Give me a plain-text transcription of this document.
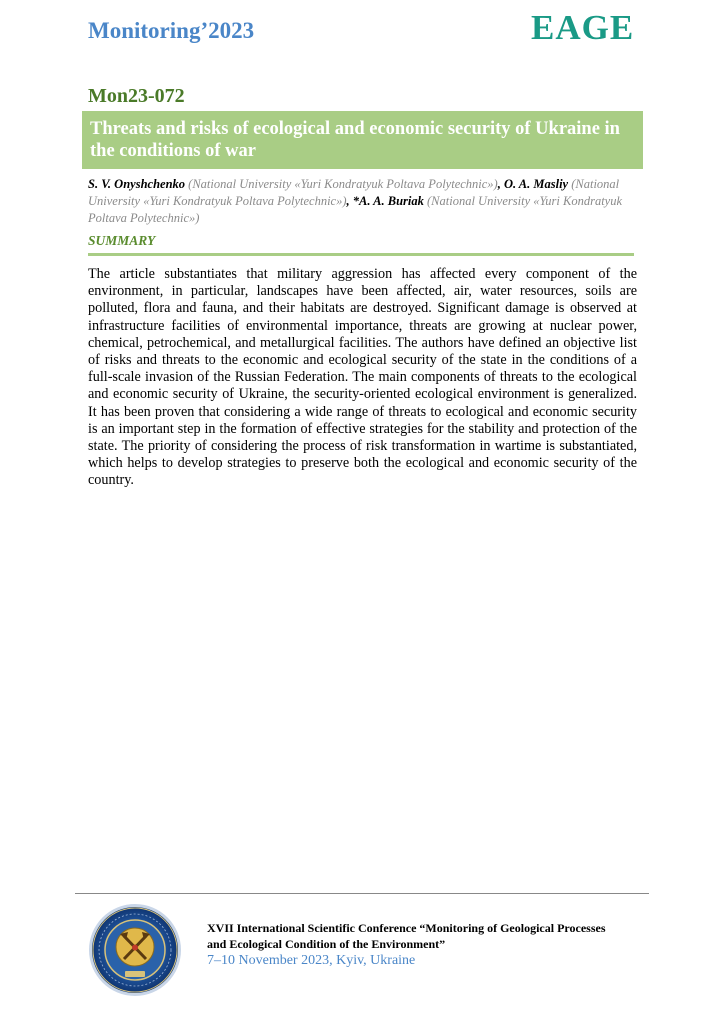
Monitoring’2023	EAGE
Mon23-072
Threats and risks of ecological and economic security of Ukraine in the conditions of war
S. V. Onyshchenko (National University «Yuri Kondratyuk Poltava Polytechnic»), O. A. Masliy (National University «Yuri Kondratyuk Poltava Polytechnic»), *A. A. Buriak (National University «Yuri Kondratyuk Poltava Polytechnic»)
SUMMARY
The article substantiates that military aggression has affected every component of the environment, in particular, landscapes have been affected, air, water resources, soils are polluted, flora and fauna, and their habitats are destroyed. Significant damage is observed at infrastructure facilities of environmental importance, threats are growing at nuclear power, chemical, petrochemical, and metallurgical facilities. The authors have defined an objective list of risks and threats to the economic and ecological security of the state in the conditions of a full-scale invasion of the Russian Federation. The main components of threats to the ecological and economic security of Ukraine, the security-oriented ecological environment is generalized. It has been proven that considering a wide range of threats to ecological and economic security is an important step in the formation of effective strategies for the stability and protection of the state. The priority of considering the process of risk transformation in wartime is substantiated, which helps to develop strategies to preserve both the ecological and economic security of the country.
XVII International Scientific Conference “Monitoring of Geological Processes
and Ecological Condition of the Environment”
7–10 November 2023, Kyiv, Ukraine
